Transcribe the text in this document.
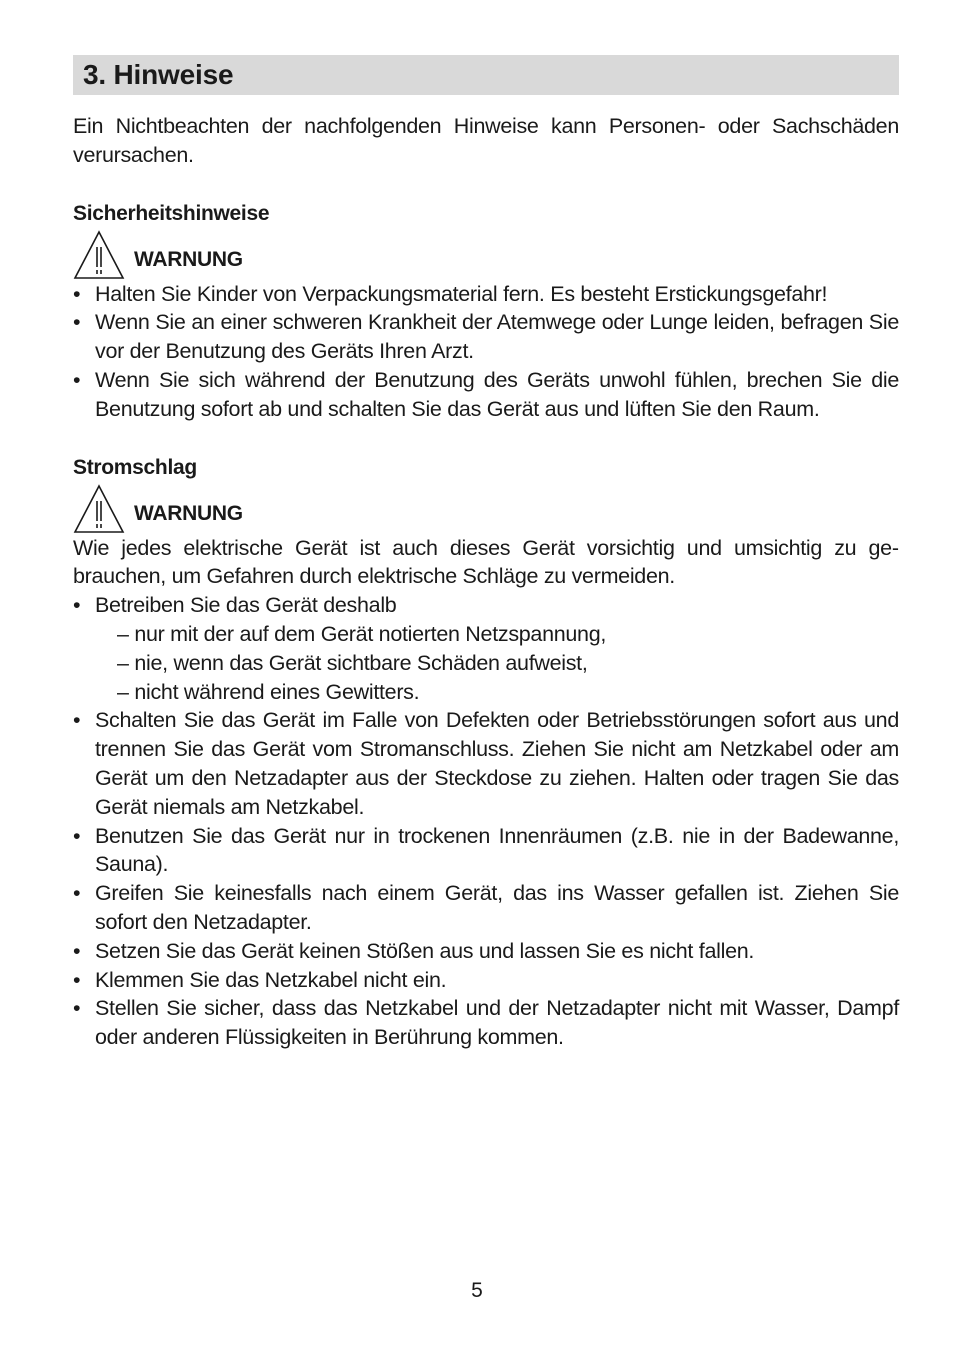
3. Hinweise

Ein Nichtbeachten der nachfolgenden Hinweise kann Personen- oder Sachschäden verursachen.

Sicherheitshinweise

WARNUNG
• Halten Sie Kinder von Verpackungsmaterial fern. Es besteht Erstickungsgefahr!
• Wenn Sie an einer schweren Krankheit der Atemwege oder Lunge leiden, befragen Sie vor der Benutzung des Geräts Ihren Arzt.
• Wenn Sie sich während der Benutzung des Geräts unwohl fühlen, brechen Sie die Benutzung sofort ab und schalten Sie das Gerät aus und lüften Sie den Raum.

Stromschlag

WARNUNG

Wie jedes elektrische Gerät ist auch dieses Gerät vorsichtig und umsichtig zu gebrauchen, um Gefahren durch elektrische Schläge zu vermeiden.

• Betreiben Sie das Gerät deshalb
– nur mit der auf dem Gerät notierten Netzspannung,
– nie, wenn das Gerät sichtbare Schäden aufweist,
– nicht während eines Gewitters.
• Schalten Sie das Gerät im Falle von Defekten oder Betriebsstörungen sofort aus und trennen Sie das Gerät vom Stromanschluss. Ziehen Sie nicht am Netzkabel oder am Gerät um den Netzadapter aus der Steckdose zu ziehen. Halten oder tragen Sie das Gerät niemals am Netzkabel.
• Benutzen Sie das Gerät nur in trockenen Innenräumen (z.B. nie in der Badewanne, Sauna).
• Greifen Sie keinesfalls nach einem Gerät, das ins Wasser gefallen ist. Ziehen Sie sofort den Netzadapter.
• Setzen Sie das Gerät keinen Stößen aus und lassen Sie es nicht fallen.
• Klemmen Sie das Netzkabel nicht ein.
• Stellen Sie sicher, dass das Netzkabel und der Netzadapter nicht mit Wasser, Dampf oder anderen Flüssigkeiten in Berührung kommen.
5
